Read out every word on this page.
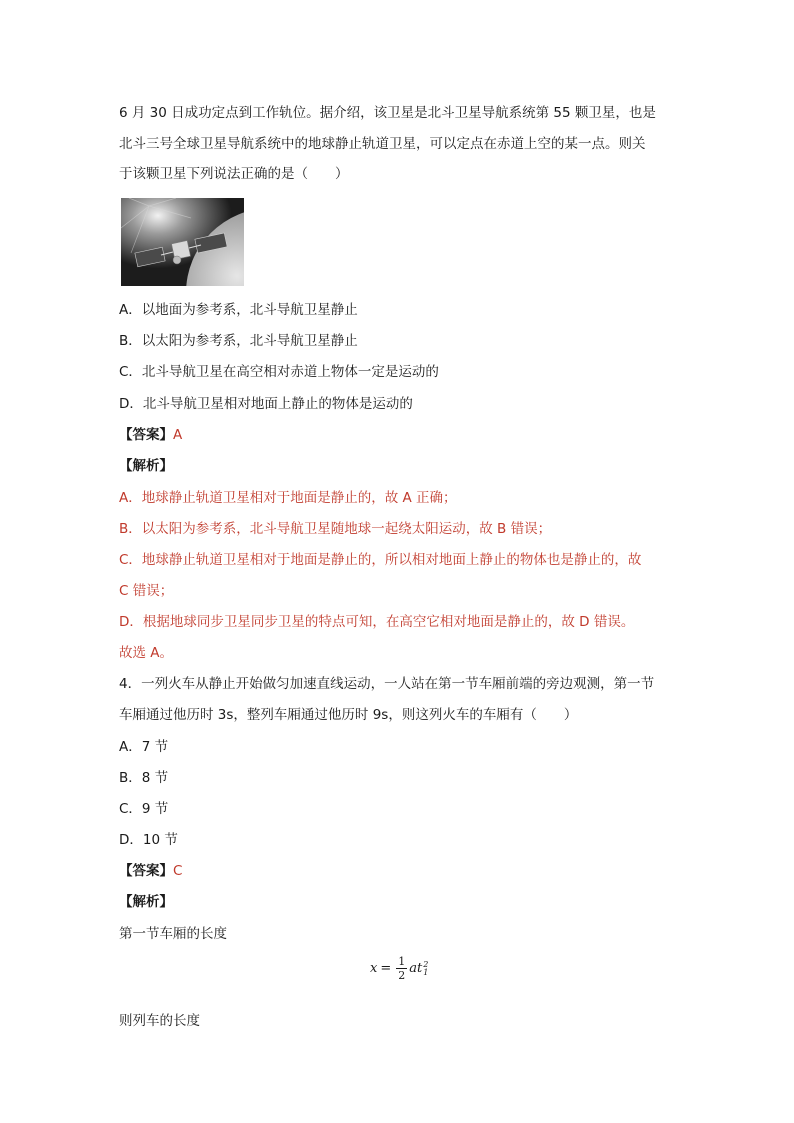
6 月 30 日成功定点到工作轨位。据介绍，该卫星是北斗卫星导航系统第 55 颗卫星，也是
北斗三号全球卫星导航系统中的地球静止轨道卫星，可以定点在赤道上空的某一点。则关
于该颗卫星下列说法正确的是（　　）
A．以地面为参考系，北斗导航卫星静止
B．以太阳为参考系，北斗导航卫星静止
C．北斗导航卫星在高空相对赤道上物体一定是运动的
D．北斗导航卫星相对地面上静止的物体是运动的
【答案】A
【解析】
A．地球静止轨道卫星相对于地面是静止的，故 A 正确；
B．以太阳为参考系，北斗导航卫星随地球一起绕太阳运动，故 B 错误；
C．地球静止轨道卫星相对于地面是静止的，所以相对地面上静止的物体也是静止的，故
C 错误；
D．根据地球同步卫星同步卫星的特点可知，在高空它相对地面是静止的，故 D 错误。
故选 A。
4．一列火车从静止开始做匀加速直线运动，一人站在第一节车厢前端的旁边观测，第一节
车厢通过他历时 3s，整列车厢通过他历时 9s，则这列火车的车厢有（　　）
A．7 节
B．8 节
C．9 节
D．10 节
【答案】C
【解析】
第一节车厢的长度
$x = \frac{1}{2}$ at 2
1
则列车的长度
